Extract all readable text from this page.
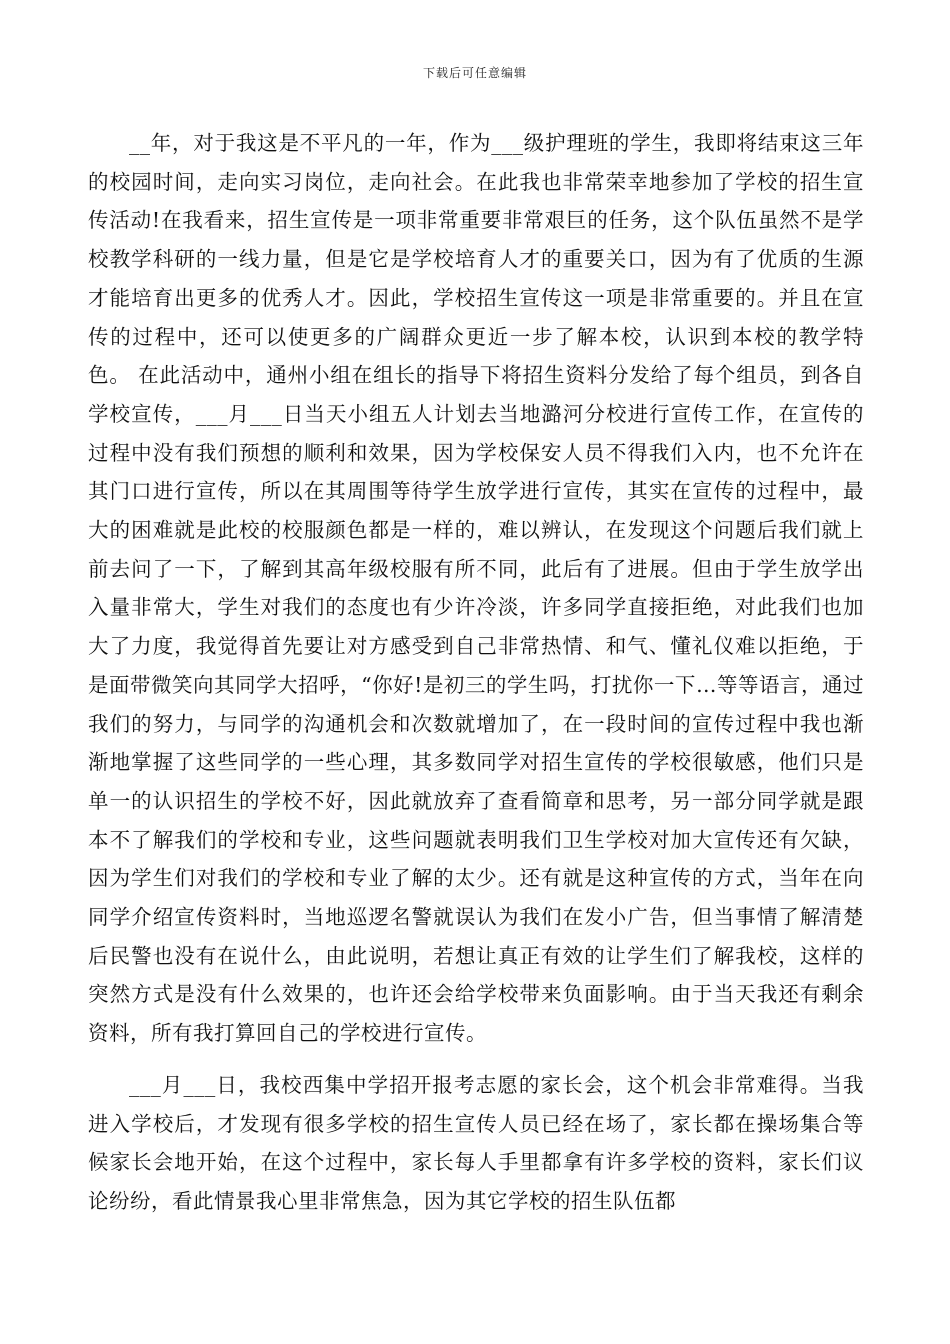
下载后可任意编辑

__年，对于我这是不平凡的一年，作为___级护理班的学生，我即将结束这三年的校园时间，走向实习岗位，走向社会。在此我也非常荣幸地参加了学校的招生宣传活动!在我看来，招生宣传是一项非常重要非常艰巨的任务，这个队伍虽然不是学校教学科研的一线力量，但是它是学校培育人才的重要关口，因为有了优质的生源才能培育出更多的优秀人才。因此，学校招生宣传这一项是非常重要的。并且在宣传的过程中，还可以使更多的广阔群众更近一步了解本校，认识到本校的教学特色。 在此活动中，通州小组在组长的指导下将招生资料分发给了每个组员，到各自学校宣传，___月___日当天小组五人计划去当地潞河分校进行宣传工作，在宣传的过程中没有我们预想的顺利和效果，因为学校保安人员不得我们入内，也不允许在其门口进行宣传，所以在其周围等待学生放学进行宣传，其实在宣传的过程中，最大的困难就是此校的校服颜色都是一样的，难以辨认，在发现这个问题后我们就上前去问了一下，了解到其高年级校服有所不同，此后有了进展。但由于学生放学出入量非常大，学生对我们的态度也有少许冷淡，许多同学直接拒绝，对此我们也加大了力度，我觉得首先要让对方感受到自己非常热情、和气、懂礼仪难以拒绝，于是面带微笑向其同学大招呼，“你好!是初三的学生吗，打扰你一下…等等语言，通过我们的努力，与同学的沟通机会和次数就增加了，在一段时间的宣传过程中我也渐渐地掌握了这些同学的一些心理，其多数同学对招生宣传的学校很敏感，他们只是单一的认识招生的学校不好，因此就放弃了查看简章和思考，另一部分同学就是跟本不了解我们的学校和专业，这些问题就表明我们卫生学校对加大宣传还有欠缺，因为学生们对我们的学校和专业了解的太少。还有就是这种宣传的方式，当年在向同学介绍宣传资料时，当地巡逻名警就误认为我们在发小广告，但当事情了解清楚后民警也没有在说什么，由此说明，若想让真正有效的让学生们了解我校，这样的突然方式是没有什么效果的，也许还会给学校带来负面影响。由于当天我还有剩余资料，所有我打算回自己的学校进行宣传。

___月___日，我校西集中学招开报考志愿的家长会，这个机会非常难得。当我进入学校后，才发现有很多学校的招生宣传人员已经在场了，家长都在操场集合等候家长会地开始，在这个过程中，家长每人手里都拿有许多学校的资料，家长们议论纷纷，看此情景我心里非常焦急，因为其它学校的招生队伍都
